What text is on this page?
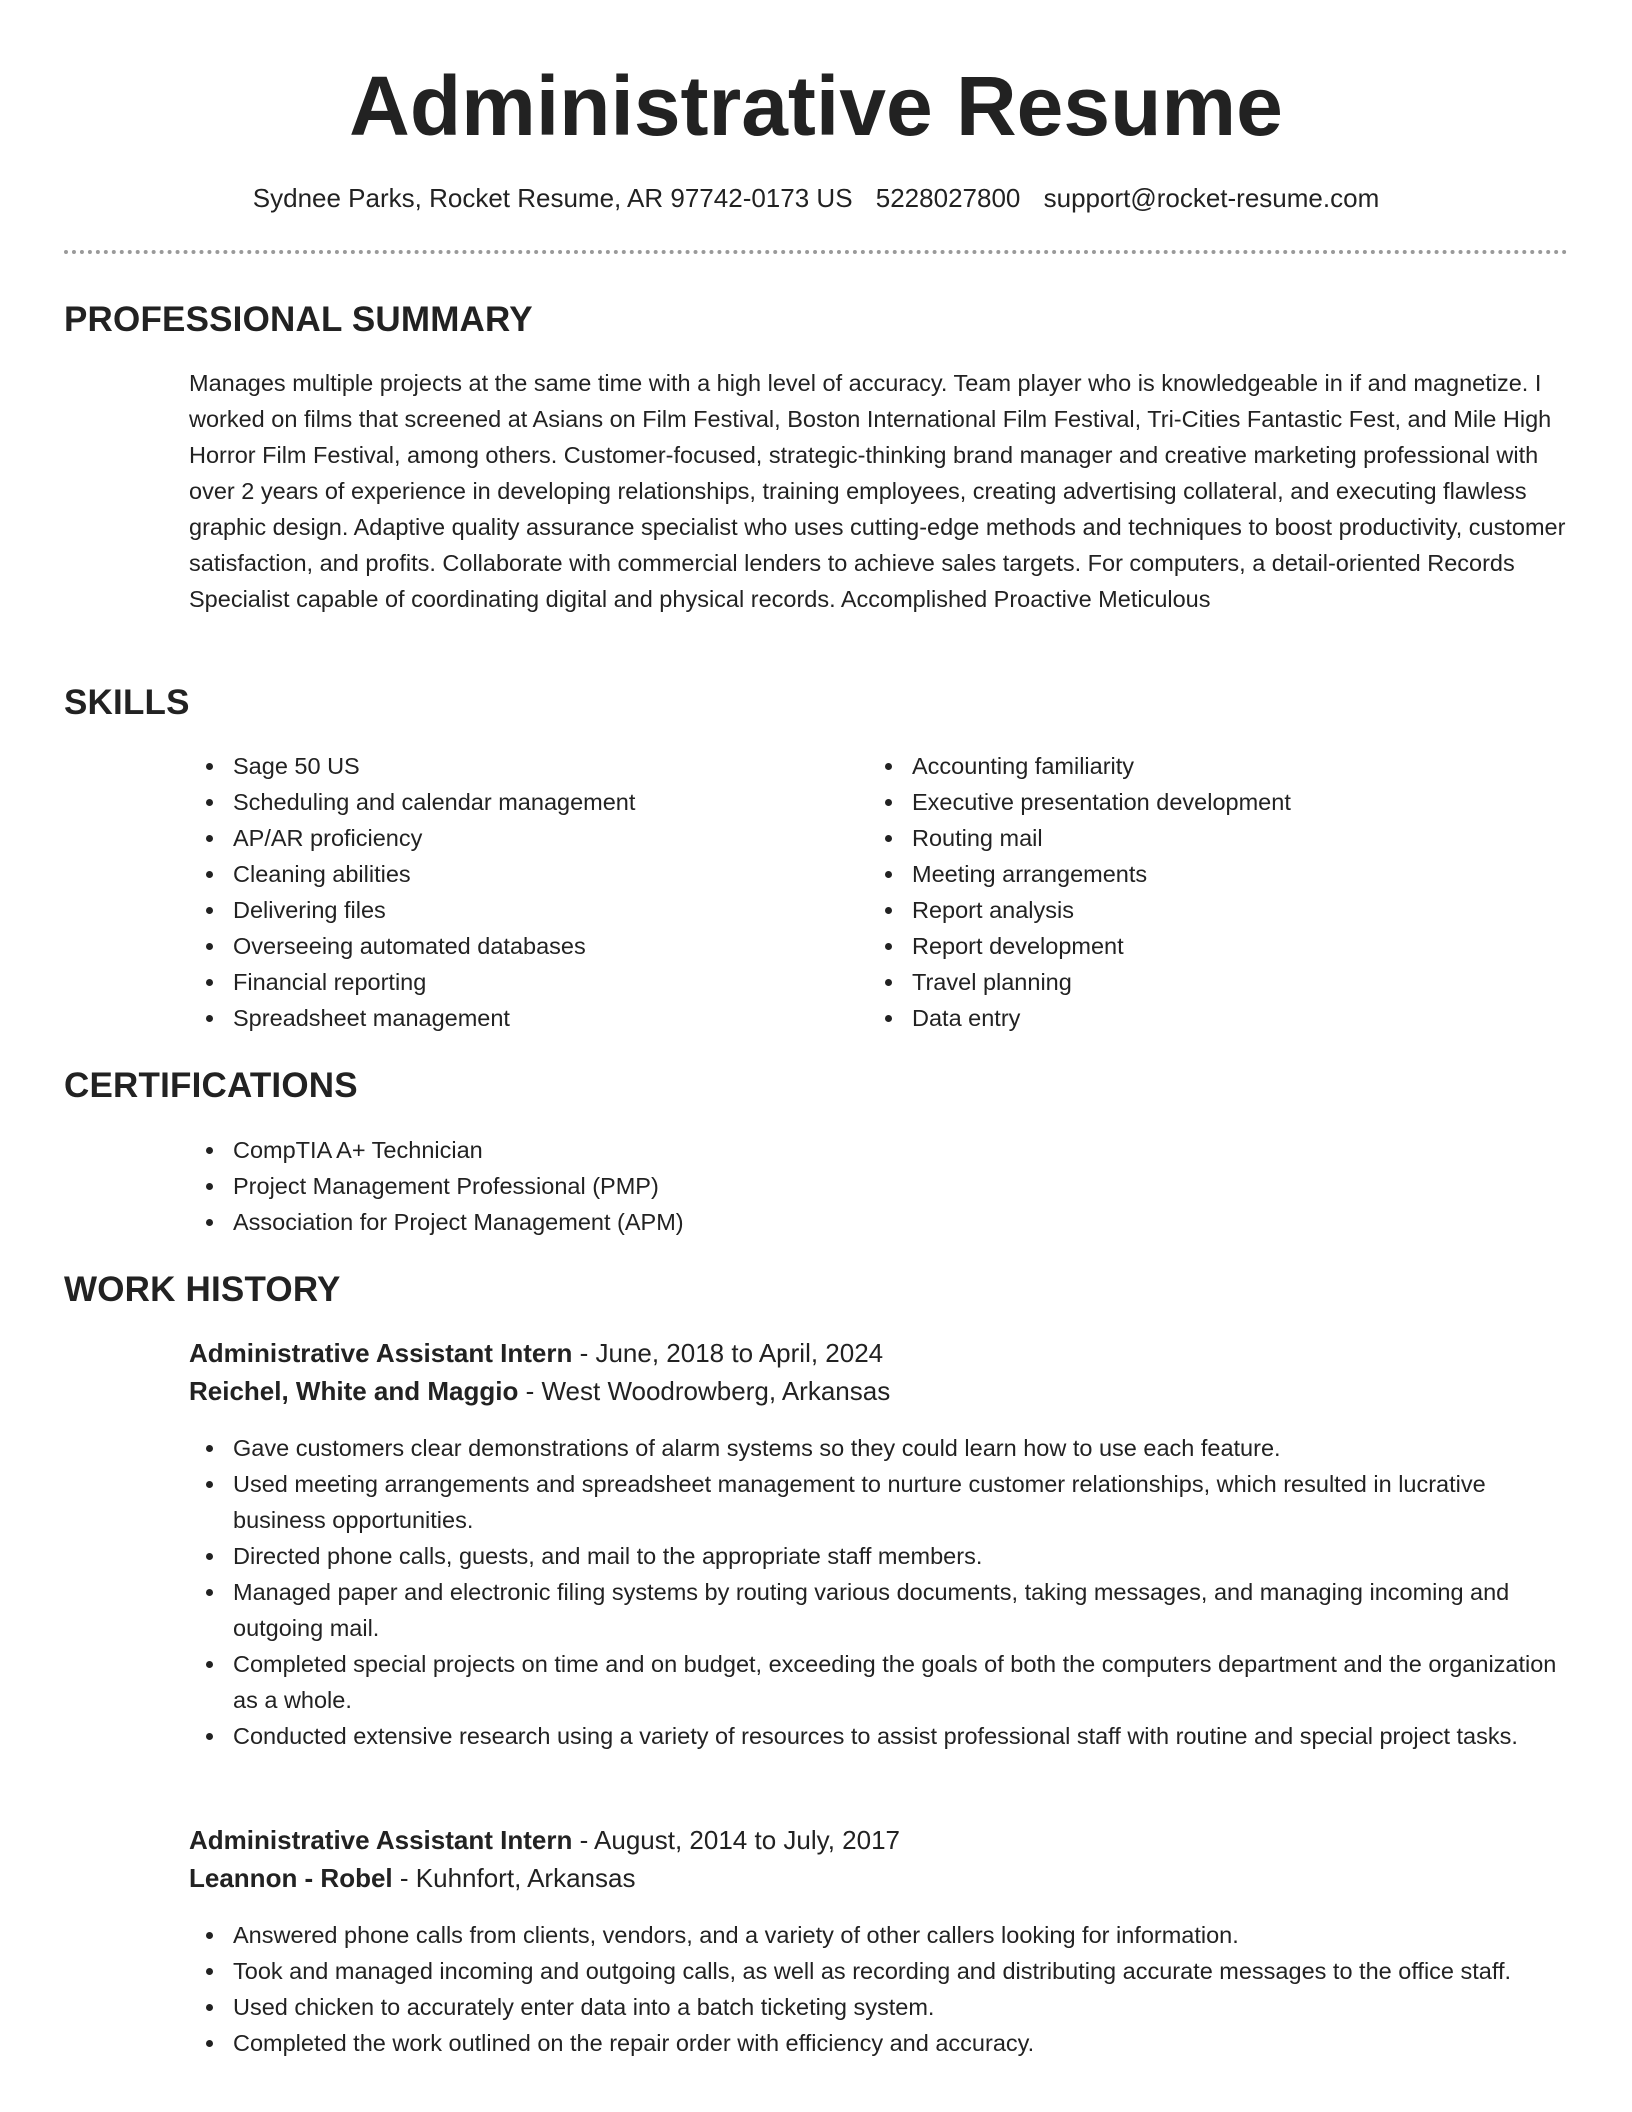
Administrative Resume
Sydnee Parks, Rocket Resume, AR 97742-0173 US 5228027800 support@rocket-resume.com
PROFESSIONAL SUMMARY

Manages multiple projects at the same time with a high level of accuracy. Team player who is knowledgeable in if and magnetize. I worked on films that screened at Asians on Film Festival, Boston International Film Festival, Tri-Cities Fantastic Fest, and Mile High Horror Film Festival, among others. Customer-focused, strategic-thinking brand manager and creative marketing professional with over 2 years of experience in developing relationships, training employees, creating advertising collateral, and executing flawless graphic design. Adaptive quality assurance specialist who uses cutting-edge methods and techniques to boost productivity, customer satisfaction, and profits. Collaborate with commercial lenders to achieve sales targets. For computers, a detail-oriented Records Specialist capable of coordinating digital and physical records. Accomplished Proactive Meticulous

SKILLS
Sage 50 US
Scheduling and calendar management
AP/AR proficiency
Cleaning abilities
Delivering files
Overseeing automated databases
Financial reporting
Spreadsheet management
Accounting familiarity
Executive presentation development
Routing mail
Meeting arrangements
Report analysis
Report development
Travel planning
Data entry
CERTIFICATIONS
CompTIA A+ Technician
Project Management Professional (PMP)
Association for Project Management (APM)
WORK HISTORY
Administrative Assistant Intern - June, 2018 to April, 2024
Reichel, White and Maggio - West Woodrowberg, Arkansas
Gave customers clear demonstrations of alarm systems so they could learn how to use each feature.
Used meeting arrangements and spreadsheet management to nurture customer relationships, which resulted in lucrative business opportunities.
Directed phone calls, guests, and mail to the appropriate staff members.
Managed paper and electronic filing systems by routing various documents, taking messages, and managing incoming and outgoing mail.
Completed special projects on time and on budget, exceeding the goals of both the computers department and the organization as a whole.
Conducted extensive research using a variety of resources to assist professional staff with routine and special project tasks.
Administrative Assistant Intern - August, 2014 to July, 2017
Leannon - Robel - Kuhnfort, Arkansas
Answered phone calls from clients, vendors, and a variety of other callers looking for information.
Took and managed incoming and outgoing calls, as well as recording and distributing accurate messages to the office staff.
Used chicken to accurately enter data into a batch ticketing system.
Completed the work outlined on the repair order with efficiency and accuracy.
